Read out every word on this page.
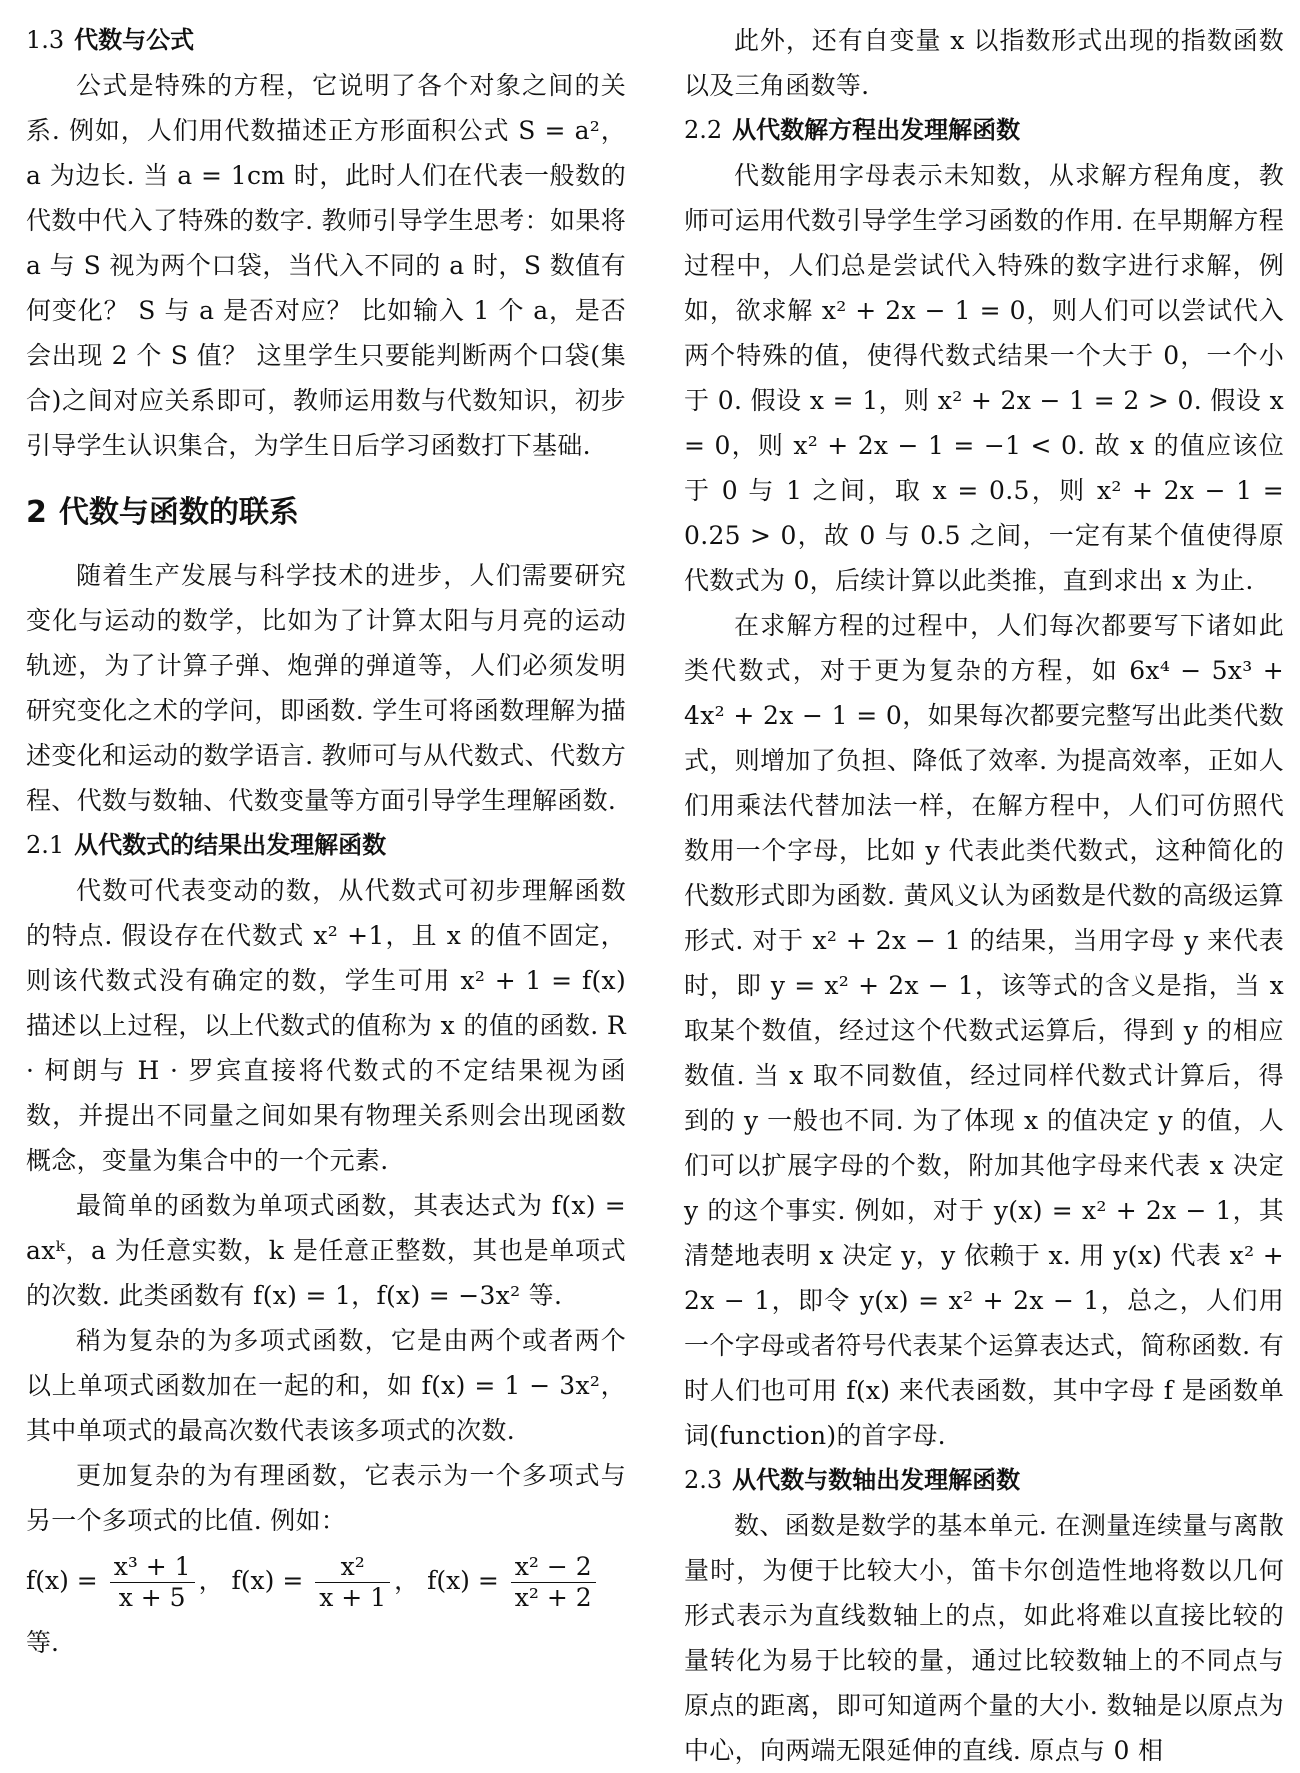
1.3 代数与公式

公式是特殊的方程，它说明了各个对象之间的关系. 例如，人们用代数描述正方形面积公式 S = a²，a 为边长. 当 a = 1cm 时，此时人们在代表一般数的代数中代入了特殊的数字. 教师引导学生思考：如果将 a 与 S 视为两个口袋，当代入不同的 a 时，S 数值有何变化？ S 与 a 是否对应？ 比如输入 1 个 a，是否会出现 2 个 S 值？ 这里学生只要能判断两个口袋(集合)之间对应关系即可，教师运用数与代数知识，初步引导学生认识集合，为学生日后学习函数打下基础.

2 代数与函数的联系

随着生产发展与科学技术的进步，人们需要研究变化与运动的数学，比如为了计算太阳与月亮的运动轨迹，为了计算子弹、炮弹的弹道等，人们必须发明研究变化之术的学问，即函数. 学生可将函数理解为描述变化和运动的数学语言. 教师可与从代数式、代数方程、代数与数轴、代数变量等方面引导学生理解函数.

2.1 从代数式的结果出发理解函数

代数可代表变动的数，从代数式可初步理解函数的特点. 假设存在代数式 x² +1，且 x 的值不固定，则该代数式没有确定的数，学生可用 x² + 1 = f(x) 描述以上过程，以上代数式的值称为 x 的值的函数. R · 柯朗与 H · 罗宾直接将代数式的不定结果视为函数，并提出不同量之间如果有物理关系则会出现函数概念，变量为集合中的一个元素.

最简单的函数为单项式函数，其表达式为 f(x) = axᵏ，a 为任意实数，k 是任意正整数，其也是单项式的次数. 此类函数有 f(x) = 1，f(x) = −3x² 等.

稍为复杂的为多项式函数，它是由两个或者两个以上单项式函数加在一起的和，如 f(x) = 1 − 3x²，其中单项式的最高次数代表该多项式的次数.

更加复杂的为有理函数，它表示为一个多项式与另一个多项式的比值. 例如：

$f(x) = \frac{\text{x³ + 1}}{x + 5}$ ， $f(x) = \frac{\text{x²}}{x + 1}$ ， $f(x) = \frac{\text{x² − 2}}{\text{x² + 2}}$
等.

此外，还有自变量 x 以指数形式出现的指数函数以及三角函数等.

2.2 从代数解方程出发理解函数

代数能用字母表示未知数，从求解方程角度，教师可运用代数引导学生学习函数的作用. 在早期解方程过程中，人们总是尝试代入特殊的数字进行求解，例如，欲求解 x² + 2x − 1 = 0，则人们可以尝试代入两个特殊的值，使得代数式结果一个大于 0，一个小于 0. 假设 x = 1，则 x² + 2x − 1 = 2 > 0. 假设 x = 0，则 x² + 2x − 1 = −1 < 0. 故 x 的值应该位于 0 与 1 之间，取 x = 0.5，则 x² + 2x − 1 = 0.25 > 0，故 0 与 0.5 之间，一定有某个值使得原代数式为 0，后续计算以此类推，直到求出 x 为止.

在求解方程的过程中，人们每次都要写下诸如此类代数式，对于更为复杂的方程，如 6x⁴ − 5x³ + 4x² + 2x − 1 = 0，如果每次都要完整写出此类代数式，则增加了负担、降低了效率. 为提高效率，正如人们用乘法代替加法一样，在解方程中，人们可仿照代数用一个字母，比如 y 代表此类代数式，这种简化的代数形式即为函数. 黄风义认为函数是代数的高级运算形式. 对于 x² + 2x − 1 的结果，当用字母 y 来代表时，即 y = x² + 2x − 1，该等式的含义是指，当 x 取某个数值，经过这个代数式运算后，得到 y 的相应数值. 当 x 取不同数值，经过同样代数式计算后，得到的 y 一般也不同. 为了体现 x 的值决定 y 的值，人们可以扩展字母的个数，附加其他字母来代表 x 决定 y 的这个事实. 例如，对于 y(x) = x² + 2x − 1，其清楚地表明 x 决定 y，y 依赖于 x. 用 y(x) 代表 x² + 2x − 1，即令 y(x) = x² + 2x − 1，总之，人们用一个字母或者符号代表某个运算表达式，简称函数. 有时人们也可用 f(x) 来代表函数，其中字母 f 是函数单词(function)的首字母.

2.3 从代数与数轴出发理解函数

数、函数是数学的基本单元. 在测量连续量与离散量时，为便于比较大小，笛卡尔创造性地将数以几何形式表示为直线数轴上的点，如此将难以直接比较的量转化为易于比较的量，通过比较数轴上的不同点与原点的距离，即可知道两个量的大小. 数轴是以原点为中心，向两端无限延伸的直线. 原点与 0 相
